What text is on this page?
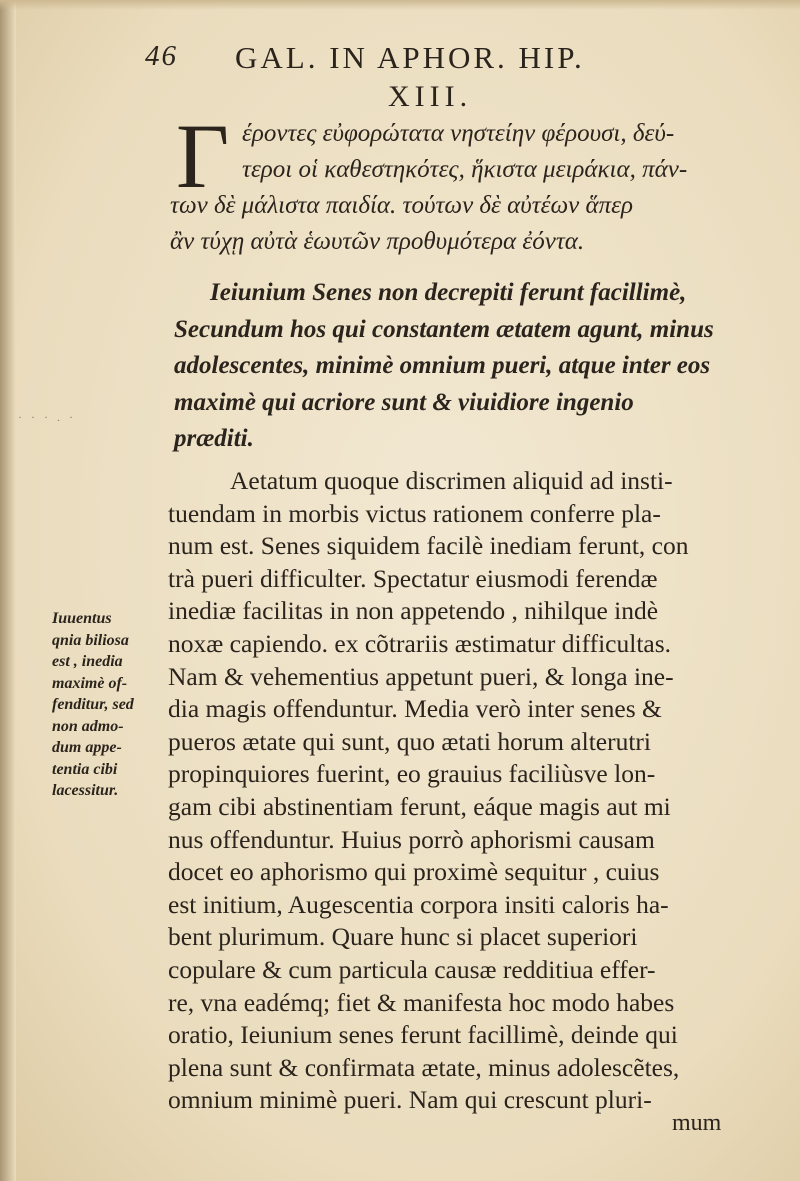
46 GAL. IN APHOR. HIP.
XIII.
Γ έροντες εὐφορώτατα νηστείην φέρουσι, δεύ-
τεροι οἱ καθεστηκότες, ἥκιστα μειράκια, πάν-
των δὲ μάλιστα παιδία. τούτων δὲ αὐτέων ἅπερ
ἂν τύχῃ αὐτὰ ἑωυτῶν προθυμότερα ἐόντα.
Ieiunium Senes non decrepiti ferunt facillimè,
Secundum hos qui constantem ætatem agunt, minus
adolescentes, minimè omnium pueri, atque inter eos
maximè qui acriore sunt & viuidiore ingenio
præditi.
· · · . ·
Aetatum quoque discrimen aliquid ad insti-
tuendam in morbis victus rationem conferre pla-
num est. Senes siquidem facilè inediam ferunt, con
trà pueri difficulter. Spectatur eiusmodi ferendæ
inediæ facilitas in non appetendo , nihilque indè
noxæ capiendo. ex cõtrariis æstimatur difficultas.
Nam & vehementius appetunt pueri, & longa ine-
dia magis offenduntur. Media verò inter senes &
pueros ætate qui sunt, quo ætati horum alterutri
propinquiores fuerint, eo grauius faciliùsve lon-
gam cibi abstinentiam ferunt, eáque magis aut mi
nus offenduntur. Huius porrò aphorismi causam
docet eo aphorismo qui proximè sequitur , cuius
est initium, Augescentia corpora insiti caloris ha-
bent plurimum. Quare hunc si placet superiori
copulare & cum particula causæ redditiua effer-
re, vna eadémq; fiet & manifesta hoc modo habes
oratio, Ieiunium senes ferunt facillimè, deinde qui
plena sunt & confirmata ætate, minus adolescẽtes,
omnium minimè pueri. Nam qui crescunt pluri-
mum
Iuuentus
qnia biliosa
est , inedia
maximè of-
fenditur, sed
non admo-
dum appe-
tentia cibi
lacessitur.
